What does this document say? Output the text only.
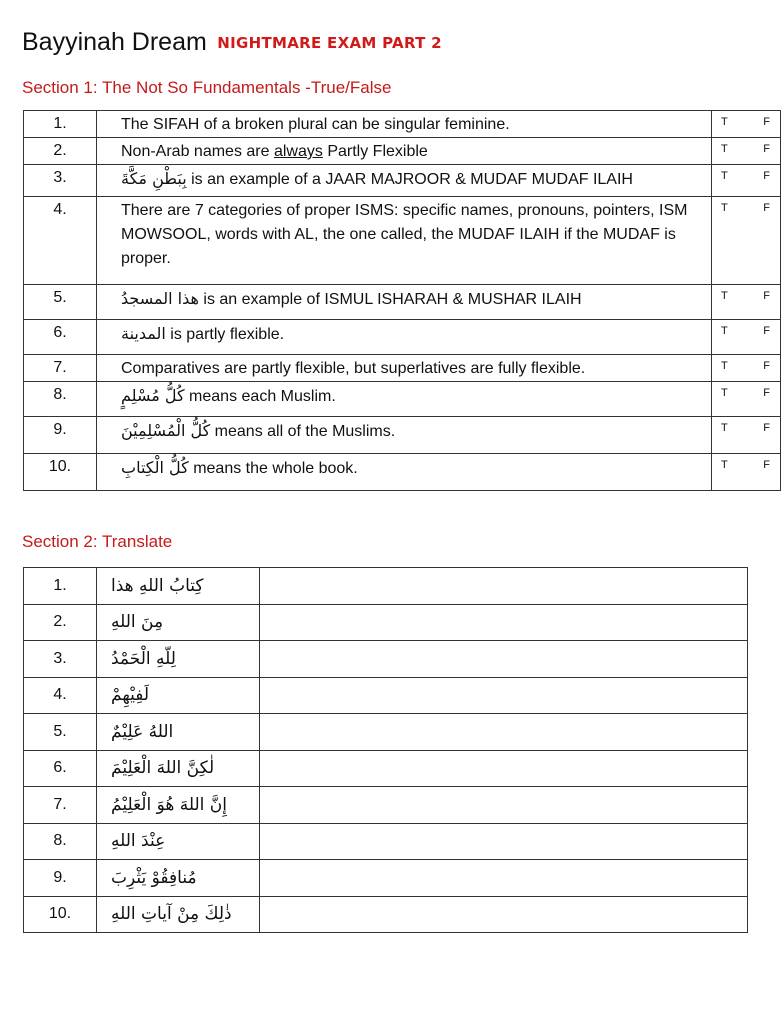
Bayyinah Dream NIGHTMARE EXAM PART 2
Section 1: The Not So Fundamentals -True/False
1.	The SIFAH of a broken plural can be singular feminine.	T F

2.	Non-Arab names are always Partly Flexible	T F

3.	بِبَطْنِ مَكَّةَ is an example of a JAAR MAJROOR & MUDAF MUDAF ILAIH	T F

4.	There are 7 categories of proper ISMS: specific names, pronouns, pointers, ISM MOWSOOL, words with AL, the one called, the MUDAF ILAIH if the MUDAF is proper.	T F

5.	هذا المسجدُ is an example of ISMUL ISHARAH & MUSHAR ILAIH	T F

6.	المدينة is partly flexible.	T F

7.	Comparatives are partly flexible, but superlatives are fully flexible.	T F

8.	كُلُّ مُسْلِمٍ means each Muslim.	T F

9.	كُلُّ الْمُسْلِمِيْنَ means all of the Muslims.	T F

10.	كُلُّ الْكِتابِ means the whole book.	T F
Section 2: Translate
1.	كِتابُ اللهِ هذا	

2.	مِنَ اللهِ	

3.	لِلّهِ الْحَمْدُ	

4.	لَفِيْهِمْ	

5.	اللهُ عَلِيْمٌ	

6.	لٰكِنَّ اللهَ الْعَلِيْمَ	

7.	إِنَّ اللهَ هُوَ الْعَلِيْمُ	

8.	عِنْدَ اللهِ	

9.	مُنافِقُوْ يَثْرِبَ	

10.	ذٰلِكَ مِنْ آياتِ اللهِ	
